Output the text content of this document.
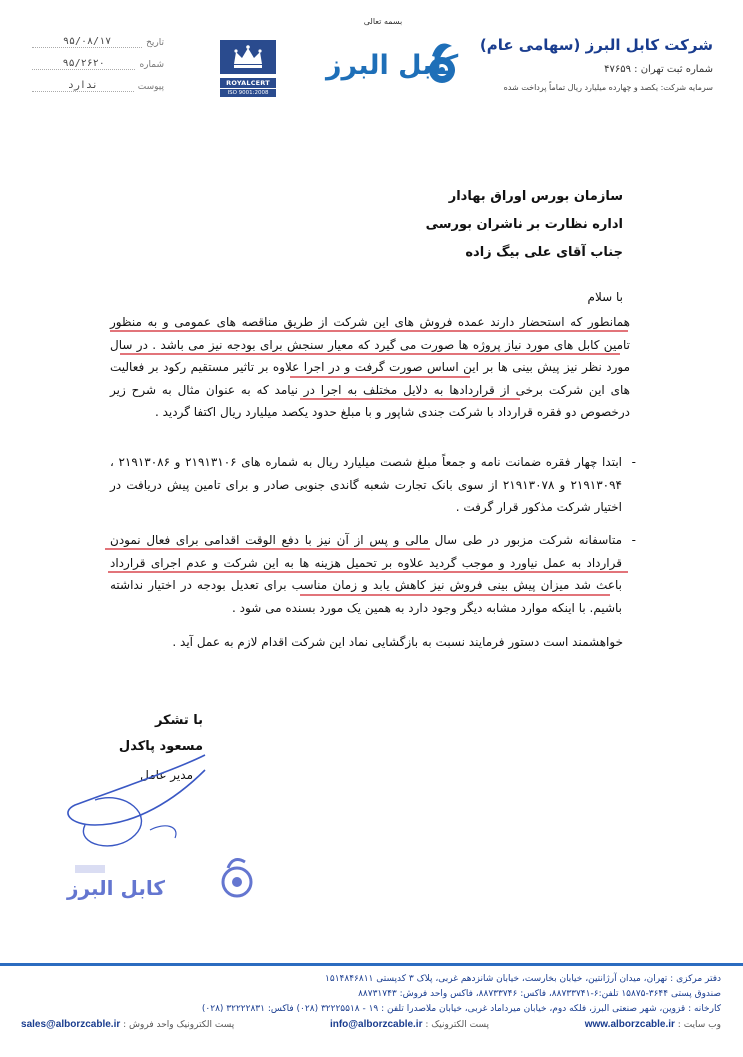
۹۵/۰۸/۱۷	تاریخ
۹۵/۲۶۲۰	شماره
ندارد	پیوست	ROYALCERT
ISO 9001:2008
بسمه تعالی
کابل البرز
شرکت کابل البرز (سهامی عام)
شماره ثبت تهران : ۴۷۶۵۹
سرمایه شرکت: یکصد و چهارده میلیارد ریال تماماً پرداخت شده
سازمان بورس اوراق بهادار
اداره نظارت بر ناشران بورسی
جناب آقای علی بیگ زاده
با سلام
همانطور که استحضار دارند عمده فروش های این شرکت از طریق مناقصه های عمومی و به منظور تامین کابل های مورد نیاز پروژه ها صورت می گیرد که معیار سنجش برای بودجه نیز می باشد . در سال مورد نظر نیز پیش بینی ها بر این اساس صورت گرفت و در اجرا علاوه بر تاثیر مستقیم رکود بر فعالیت های این شرکت برخی از قراردادها به دلایل مختلف به اجرا در نیامد که به عنوان مثال به شرح زیر درخصوص دو فقره قرارداد با شرکت جندی شاپور و با مبلغ حدود یکصد میلیارد ریال اکتفا گردید .
-
ابتدا چهار فقره ضمانت نامه و جمعاً مبلغ شصت میلیارد ریال به شماره های ۲۱۹۱۳۱۰۶ و ۲۱۹۱۳۰۸۶ ، ۲۱۹۱۳۰۹۴ و ۲۱۹۱۳۰۷۸ از سوی بانک تجارت شعبه گاندی جنوبی صادر و برای تامین پیش دریافت در اختیار شرکت مذکور قرار گرفت .
-
متاسفانه شرکت مزبور در طی سال مالی و پس از آن نیز با دفع الوقت اقدامی برای فعال نمودن قرارداد به عمل نیاورد و موجب گردید علاوه بر تحمیل هزینه ها به این شرکت و عدم اجرای قرارداد باعث شد میزان پیش بینی فروش نیز کاهش یابد و زمان مناسب برای تعدیل بودجه در اختیار نداشته باشیم. با اینکه موارد مشابه دیگر وجود دارد به همین یک مورد بسنده می شود .
خواهشمند است دستور فرمایند نسبت به بازگشایی نماد این شرکت اقدام لازم به عمل آید .
با تشکر
مسعود پاکدل
مدیر عامل
کابل البرز
دفتر مرکزی : تهران، میدان آرژانتین، خیابان بخارست، خیابان شانزدهم غربی، پلاک ۳ کدپستی ۱۵۱۴۸۴۶۸۱۱
صندوق پستی ۳۶۴۴-۱۵۸۷۵ تلفن:۶-۸۸۷۳۳۷۴۱، فاکس: ۸۸۷۳۳۷۴۶، فاکس واحد فروش: ۸۸۷۳۱۷۴۳
کارخانه : قزوین، شهر صنعتی البرز، فلکه دوم، خیابان میرداماد غربی، خیابان ملاصدرا تلفن : ۱۹ - ۳۲۲۲۵۵۱۸ (۰۲۸) فاکس: ۳۲۲۲۲۸۳۱ (۰۲۸)
وب سایت : www.alborzcable.ir
پست الکترونیک : info@alborzcable.ir
پست الکترونیک واحد فروش : sales@alborzcable.ir
